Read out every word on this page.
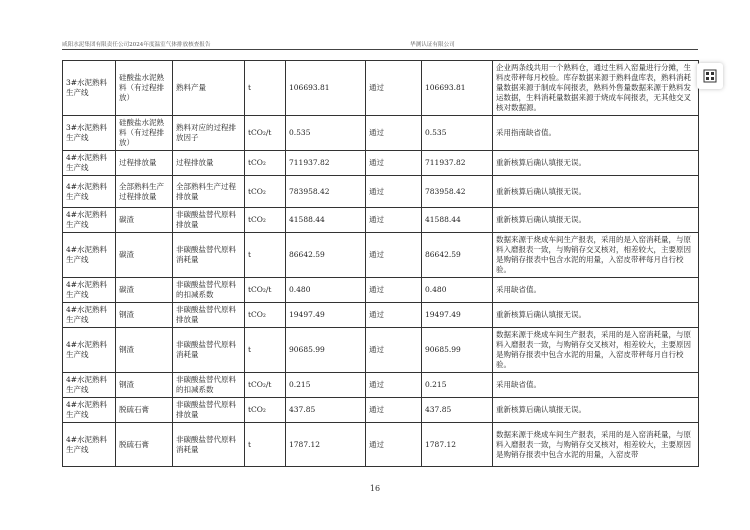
咸阳水泥集团有限责任公司2024年度温室气体排放核查报告	华测认证有限公司
3#水泥熟料生产线	硅酸盐水泥熟料（有过程排放）	熟料产量	t	106693.81	通过	106693.81	企业两条线共用一个熟料仓，通过生料入窑量进行分摊，生料皮带秤每月校验。库存数据来源于熟料盘库表，熟料消耗量数据来源于制成车间报表，熟料外售量数据来源于熟料发运数据，生料消耗量数据来源于烧成车间报表，无其他交叉核对数据源。
3#水泥熟料生产线	硅酸盐水泥熟料（有过程排放）	熟料对应的过程排放因子	tCO₂/t	0.535	通过	0.535	采用指南缺省值。
4#水泥熟料生产线	过程排放量	过程排放量	tCO₂	711937.82	通过	711937.82	重新核算后确认填报无误。
4#水泥熟料生产线	全部熟料生产过程排放量	全部熟料生产过程排放量	tCO₂	783958.42	通过	783958.42	重新核算后确认填报无误。
4#水泥熟料生产线	碳渣	非碳酸盐替代原料排放量	tCO₂	41588.44	通过	41588.44	重新核算后确认填报无误。
4#水泥熟料生产线	碳渣	非碳酸盐替代原料消耗量	t	86642.59	通过	86642.59	数据来源于烧成车间生产报表，采用的是入窑消耗量，与原料入磨报表一致，与购销存交叉核对，相差较大，主要原因是购销存报表中包含水泥的用量，入窑皮带秤每月自行校验。
4#水泥熟料生产线	碳渣	非碳酸盐替代原料的扣减系数	tCO₂/t	0.480	通过	0.480	采用缺省值。
4#水泥熟料生产线	钢渣	非碳酸盐替代原料排放量	tCO₂	19497.49	通过	19497.49	重新核算后确认填报无误。
4#水泥熟料生产线	钢渣	非碳酸盐替代原料消耗量	t	90685.99	通过	90685.99	数据来源于烧成车间生产报表，采用的是入窑消耗量，与原料入磨报表一致，与购销存交叉核对，相差较大，主要原因是购销存报表中包含水泥的用量，入窑皮带秤每月自行校验。
4#水泥熟料生产线	钢渣	非碳酸盐替代原料的扣减系数	tCO₂/t	0.215	通过	0.215	采用缺省值。
4#水泥熟料生产线	脱硫石膏	非碳酸盐替代原料排放量	tCO₂	437.85	通过	437.85	重新核算后确认填报无误。
4#水泥熟料生产线	脱硫石膏	非碳酸盐替代原料消耗量	t	1787.12	通过	1787.12	数据来源于烧成车间生产报表，采用的是入窑消耗量，与原料入磨报表一致，与购销存交叉核对，相差较大，主要原因是购销存报表中包含水泥的用量，入窑皮带
16
